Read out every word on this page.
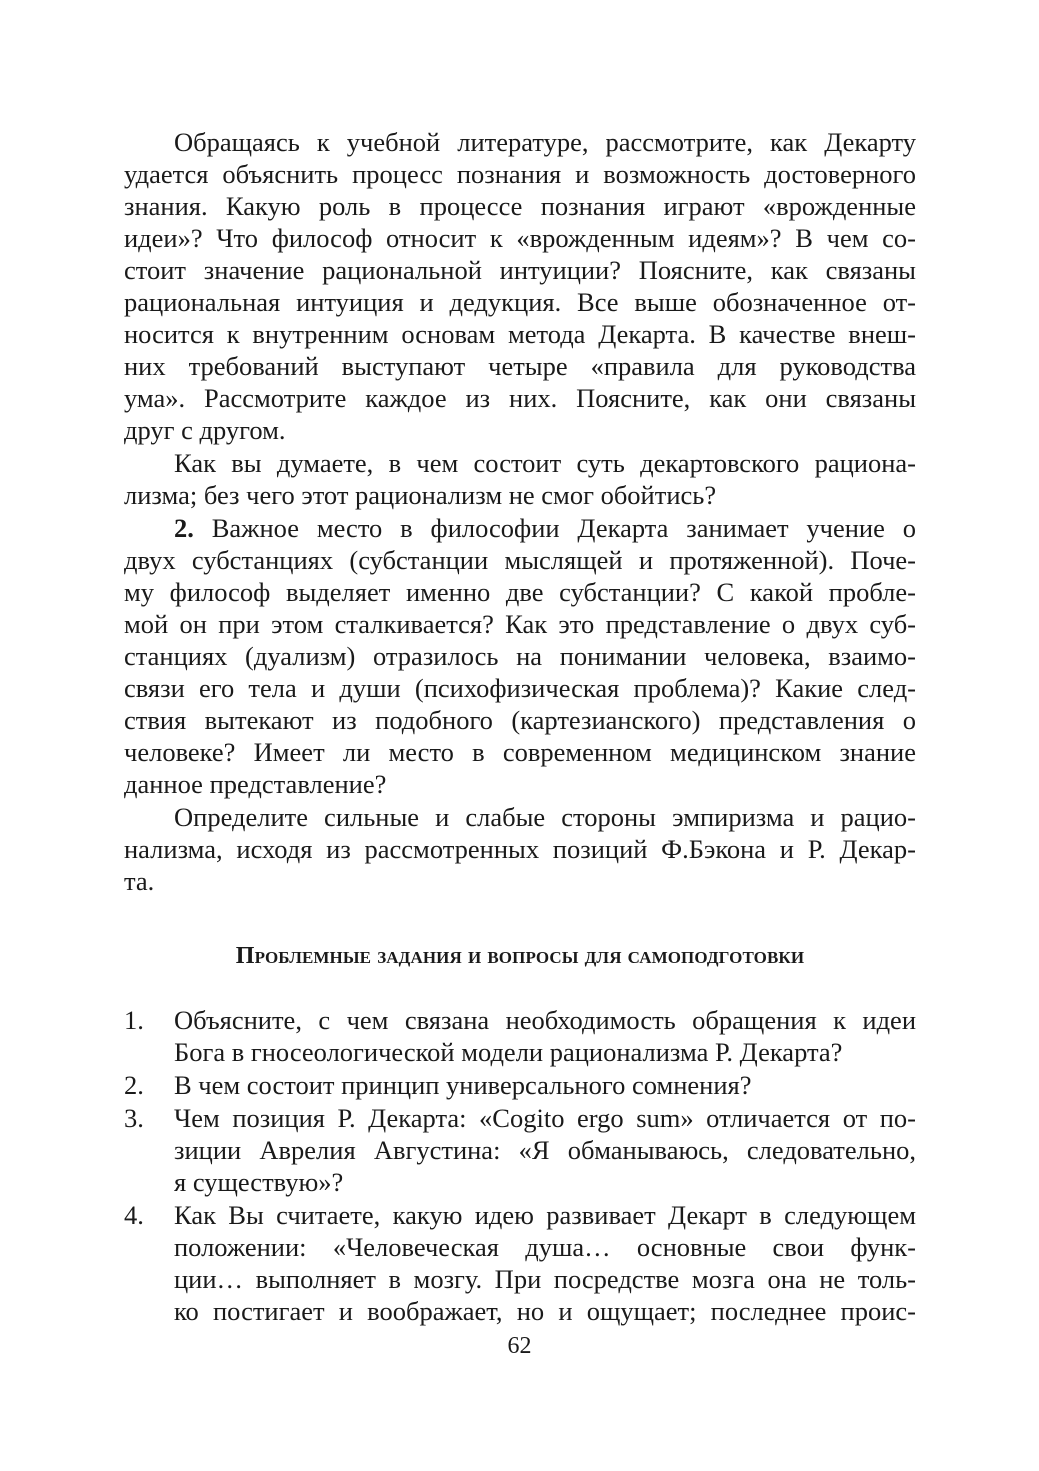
Обращаясь к учебной литературе, рассмотрите, как Декарту
удается объяснить процесс познания и возможность достоверного
знания. Какую роль в процессе познания играют «врожденные
идеи»? Что философ относит к «врожденным идеям»? В чем со-
стоит значение рациональной интуиции? Поясните, как связаны
рациональная интуиция и дедукция. Все выше обозначенное от-
носится к внутренним основам метода Декарта. В качестве внеш-
них требований выступают четыре «правила для руководства
ума». Рассмотрите каждое из них. Поясните, как они связаны
друг с другом.
Как вы думаете, в чем состоит суть декартовского рациона-
лизма; без чего этот рационализм не смог обойтись?
2. Важное место в философии Декарта занимает учение о
двух субстанциях (субстанции мыслящей и протяженной). Поче-
му философ выделяет именно две субстанции? С какой пробле-
мой он при этом сталкивается? Как это представление о двух суб-
станциях (дуализм) отразилось на понимании человека, взаимо-
связи его тела и души (психофизическая проблема)? Какие след-
ствия вытекают из подобного (картезианского) представления о
человеке? Имеет ли место в современном медицинском знание
данное представление?
Определите сильные и слабые стороны эмпиризма и рацио-
нализма, исходя из рассмотренных позиций Ф.Бэкона и Р. Декар-
та.
Проблемные задания и вопросы для самоподготовки
1.	Объясните, с чем связана необходимость обращения к идеи
Бога в гносеологической модели рационализма Р. Декарта?
2.	В чем состоит принцип универсального сомнения?
3.	Чем позиция Р. Декарта: «Cogito ergo sum» отличается от по-
зиции Аврелия Августина: «Я обманываюсь, следовательно,
я существую»?
4.	Как Вы считаете, какую идею развивает Декарт в следующем
положении: «Человеческая душа… основные свои функ-
ции… выполняет в мозгу. При посредстве мозга она не толь-
ко постигает и воображает, но и ощущает; последнее проис-
62
